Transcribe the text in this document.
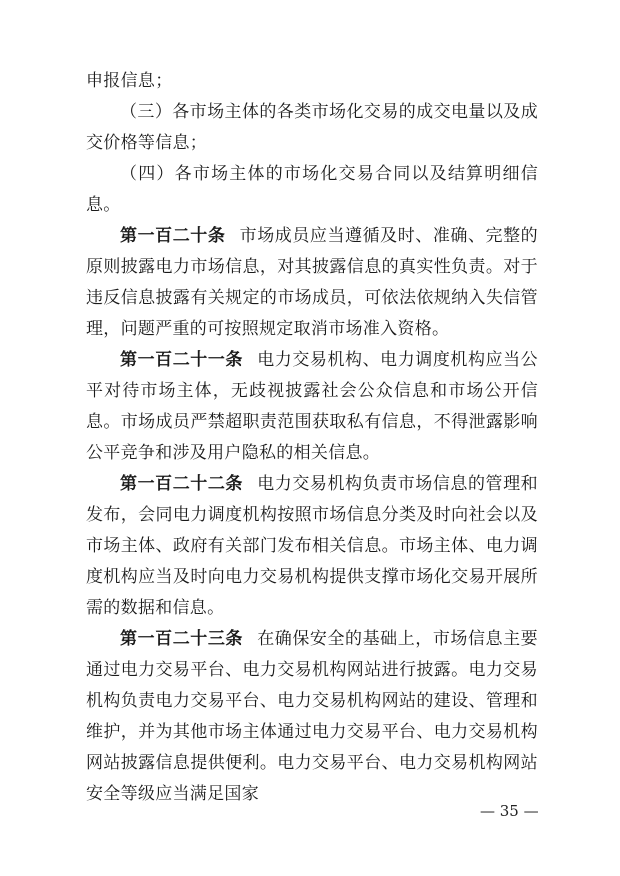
申报信息；

（三）各市场主体的各类市场化交易的成交电量以及成交价格等信息；

（四）各市场主体的市场化交易合同以及结算明细信息。

第一百二十条 市场成员应当遵循及时、准确、完整的原则披露电力市场信息，对其披露信息的真实性负责。对于违反信息披露有关规定的市场成员，可依法依规纳入失信管理，问题严重的可按照规定取消市场准入资格。

第一百二十一条 电力交易机构、电力调度机构应当公平对待市场主体，无歧视披露社会公众信息和市场公开信息。市场成员严禁超职责范围获取私有信息，不得泄露影响公平竞争和涉及用户隐私的相关信息。

第一百二十二条 电力交易机构负责市场信息的管理和发布，会同电力调度机构按照市场信息分类及时向社会以及市场主体、政府有关部门发布相关信息。市场主体、电力调度机构应当及时向电力交易机构提供支撑市场化交易开展所需的数据和信息。

第一百二十三条 在确保安全的基础上，市场信息主要通过电力交易平台、电力交易机构网站进行披露。电力交易机构负责电力交易平台、电力交易机构网站的建设、管理和维护，并为其他市场主体通过电力交易平台、电力交易机构网站披露信息提供便利。电力交易平台、电力交易机构网站安全等级应当满足国家

— 35 —
